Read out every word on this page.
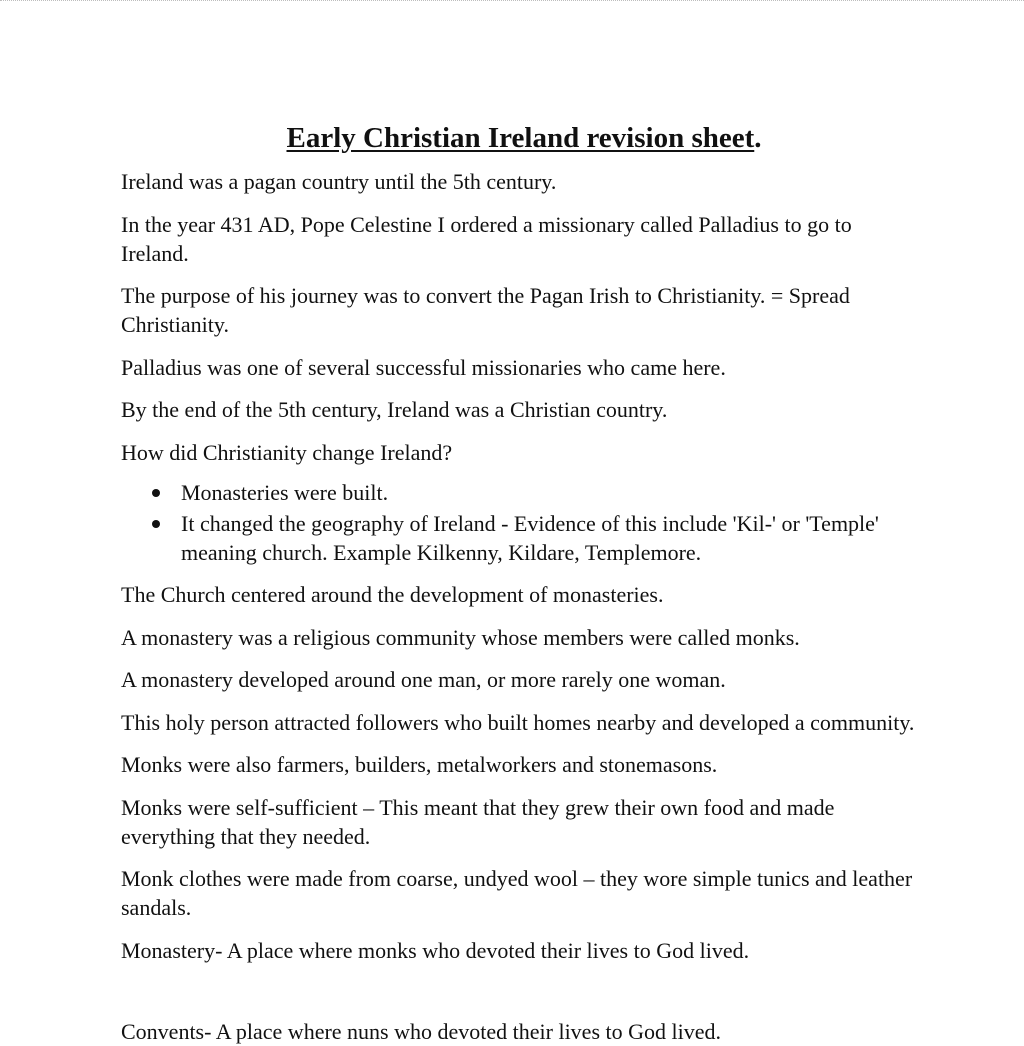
Early Christian Ireland revision sheet.

Ireland was a pagan country until the 5th century.

In the year 431 AD, Pope Celestine I ordered a missionary called Palladius to go to Ireland.

The purpose of his journey was to convert the Pagan Irish to Christianity. = Spread Christianity.

Palladius was one of several successful missionaries who came here.

By the end of the 5th century, Ireland was a Christian country.

How did Christianity change Ireland?

Monasteries were built.
It changed the geography of Ireland - Evidence of this include 'Kil-' or 'Temple' meaning church. Example Kilkenny, Kildare, Templemore.

The Church centered around the development of monasteries.

A monastery was a religious community whose members were called monks.

A monastery developed around one man, or more rarely one woman.

This holy person attracted followers who built homes nearby and developed a community.

Monks were also farmers, builders, metalworkers and stonemasons.

Monks were self-sufficient – This meant that they grew their own food and made everything that they needed.

Monk clothes were made from coarse, undyed wool – they wore simple tunics and leather sandals.

Monastery- A place where monks who devoted their lives to God lived.

Convents- A place where nuns who devoted their lives to God lived.
